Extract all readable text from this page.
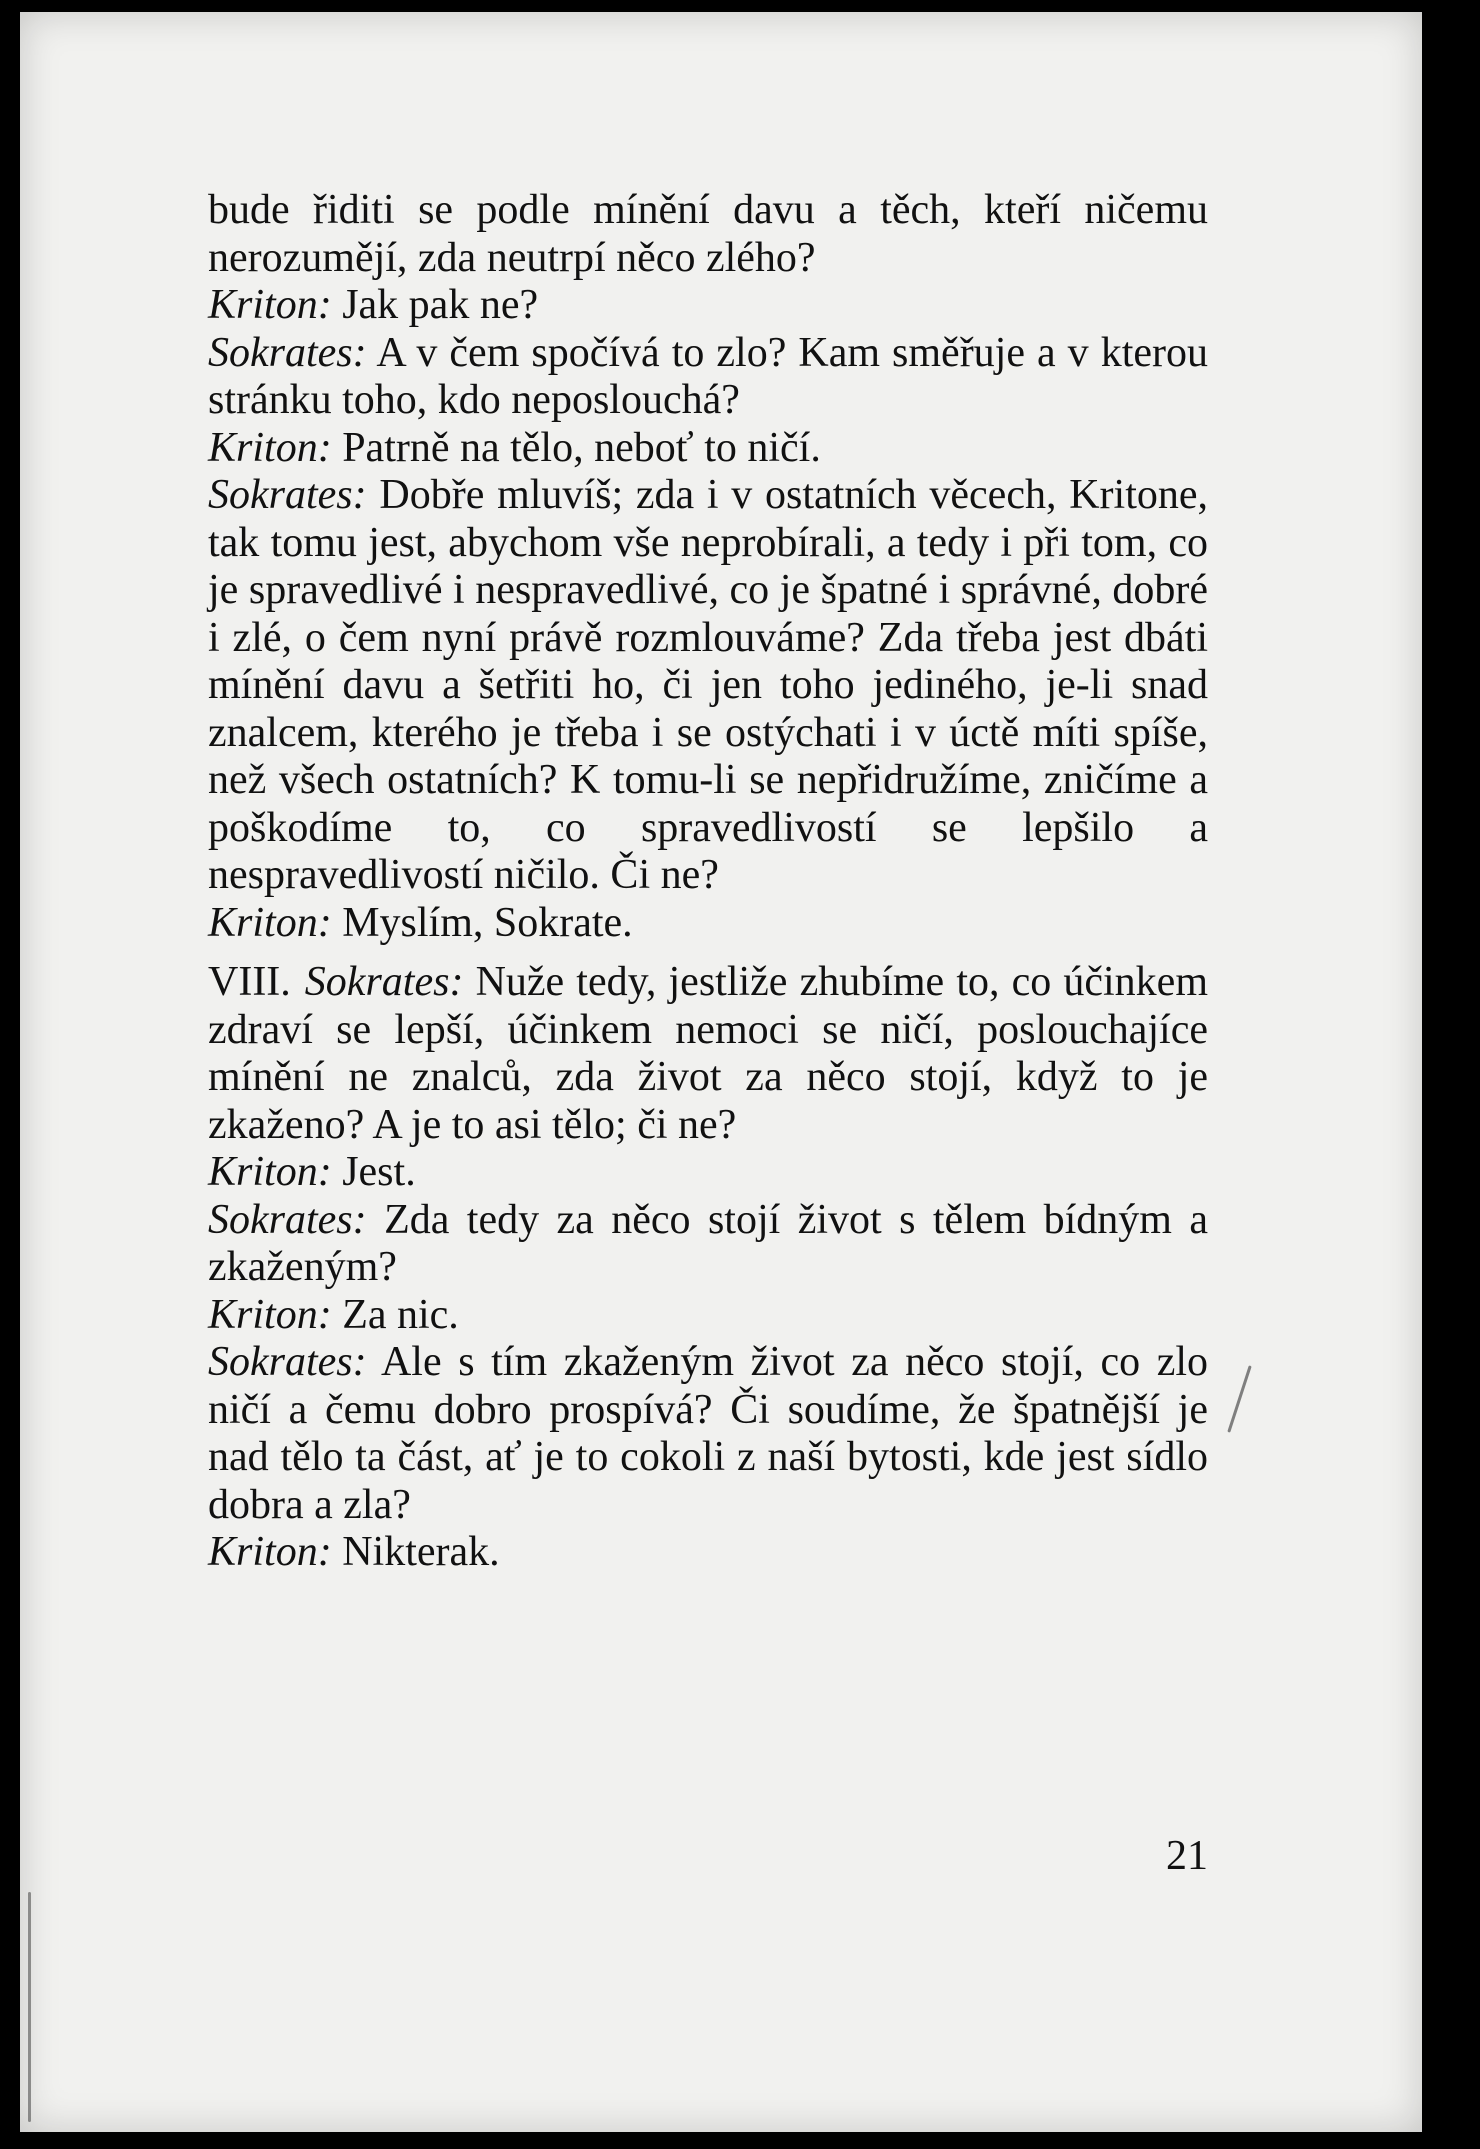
bude řiditi se podle mínění davu a těch, kteří ničemu nerozumějí, zda neutrpí něco zlého?

Kriton: Jak pak ne?

Sokrates: A v čem spočívá to zlo? Kam směřuje a v kterou stránku toho, kdo neposlouchá?

Kriton: Patrně na tělo, neboť to ničí.

Sokrates: Dobře mluvíš; zda i v ostatních věcech, Kritone, tak tomu jest, abychom vše neprobírali, a tedy i při tom, co je spravedlivé i nespravedlivé, co je špatné i správné, dobré i zlé, o čem nyní právě rozmlouváme? Zda třeba jest dbáti mínění davu a šetřiti ho, či jen toho jediného, je-li snad znalcem, kterého je třeba i se ostýchati i v úctě míti spíše, než všech ostatních? K tomu-li se nepřidružíme, zničíme a poškodíme to, co spravedlivostí se lepšilo a nespravedlivostí ničilo. Či ne?

Kriton: Myslím, Sokrate.

VIII. Sokrates: Nuže tedy, jestliže zhubíme to, co účinkem zdraví se lepší, účinkem nemoci se ničí, poslouchajíce mínění ne znalců, zda život za něco stojí, když to je zkaženo? A je to asi tělo; či ne?

Kriton: Jest.

Sokrates: Zda tedy za něco stojí život s tělem bídným a zkaženým?

Kriton: Za nic.

Sokrates: Ale s tím zkaženým život za něco stojí, co zlo ničí a čemu dobro prospívá? Či soudíme, že špatnější je nad tělo ta část, ať je to cokoli z naší bytosti, kde jest sídlo dobra a zla?

Kriton: Nikterak.

21
